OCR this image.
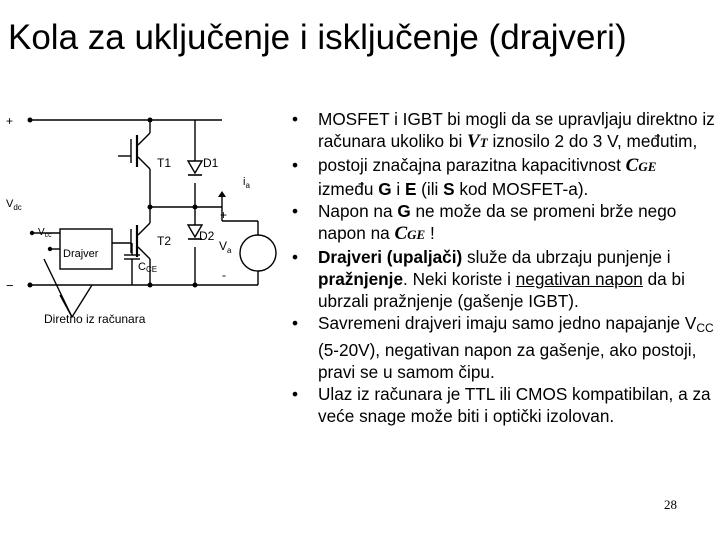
Kola za uključenje i isključenje (drajveri)
+
−
$V_{dc}$
T1	D1
T2 D2
$i_a$
+
-
$V_a$
$V_{cc}$
Drajver
CCE
Diretno iz računara
• MOSFET i IGBT bi mogli da se upravljaju direktno iz računara ukoliko bi VT iznosilo 2 do 3 V, međutim,
• postoji značajna parazitna kapacitivnost CGE između G i E (ili S kod MOSFET-a).
• Napon na G ne može da se promeni brže nego napon na CGE !
• Drajveri (upaljači) služe da ubrzaju punjenje i pražnjenje. Neki koriste i negativan napon da bi ubrzali pražnjenje (gašenje IGBT).
• Savremeni drajveri imaju samo jedno napajanje $V_{CC}$ (5-20V), negativan napon za gašenje, ako postoji, pravi se u samom čipu.
• Ulaz iz računara je TTL ili CMOS kompatibilan, a za veće snage može biti i optički izolovan.
28
